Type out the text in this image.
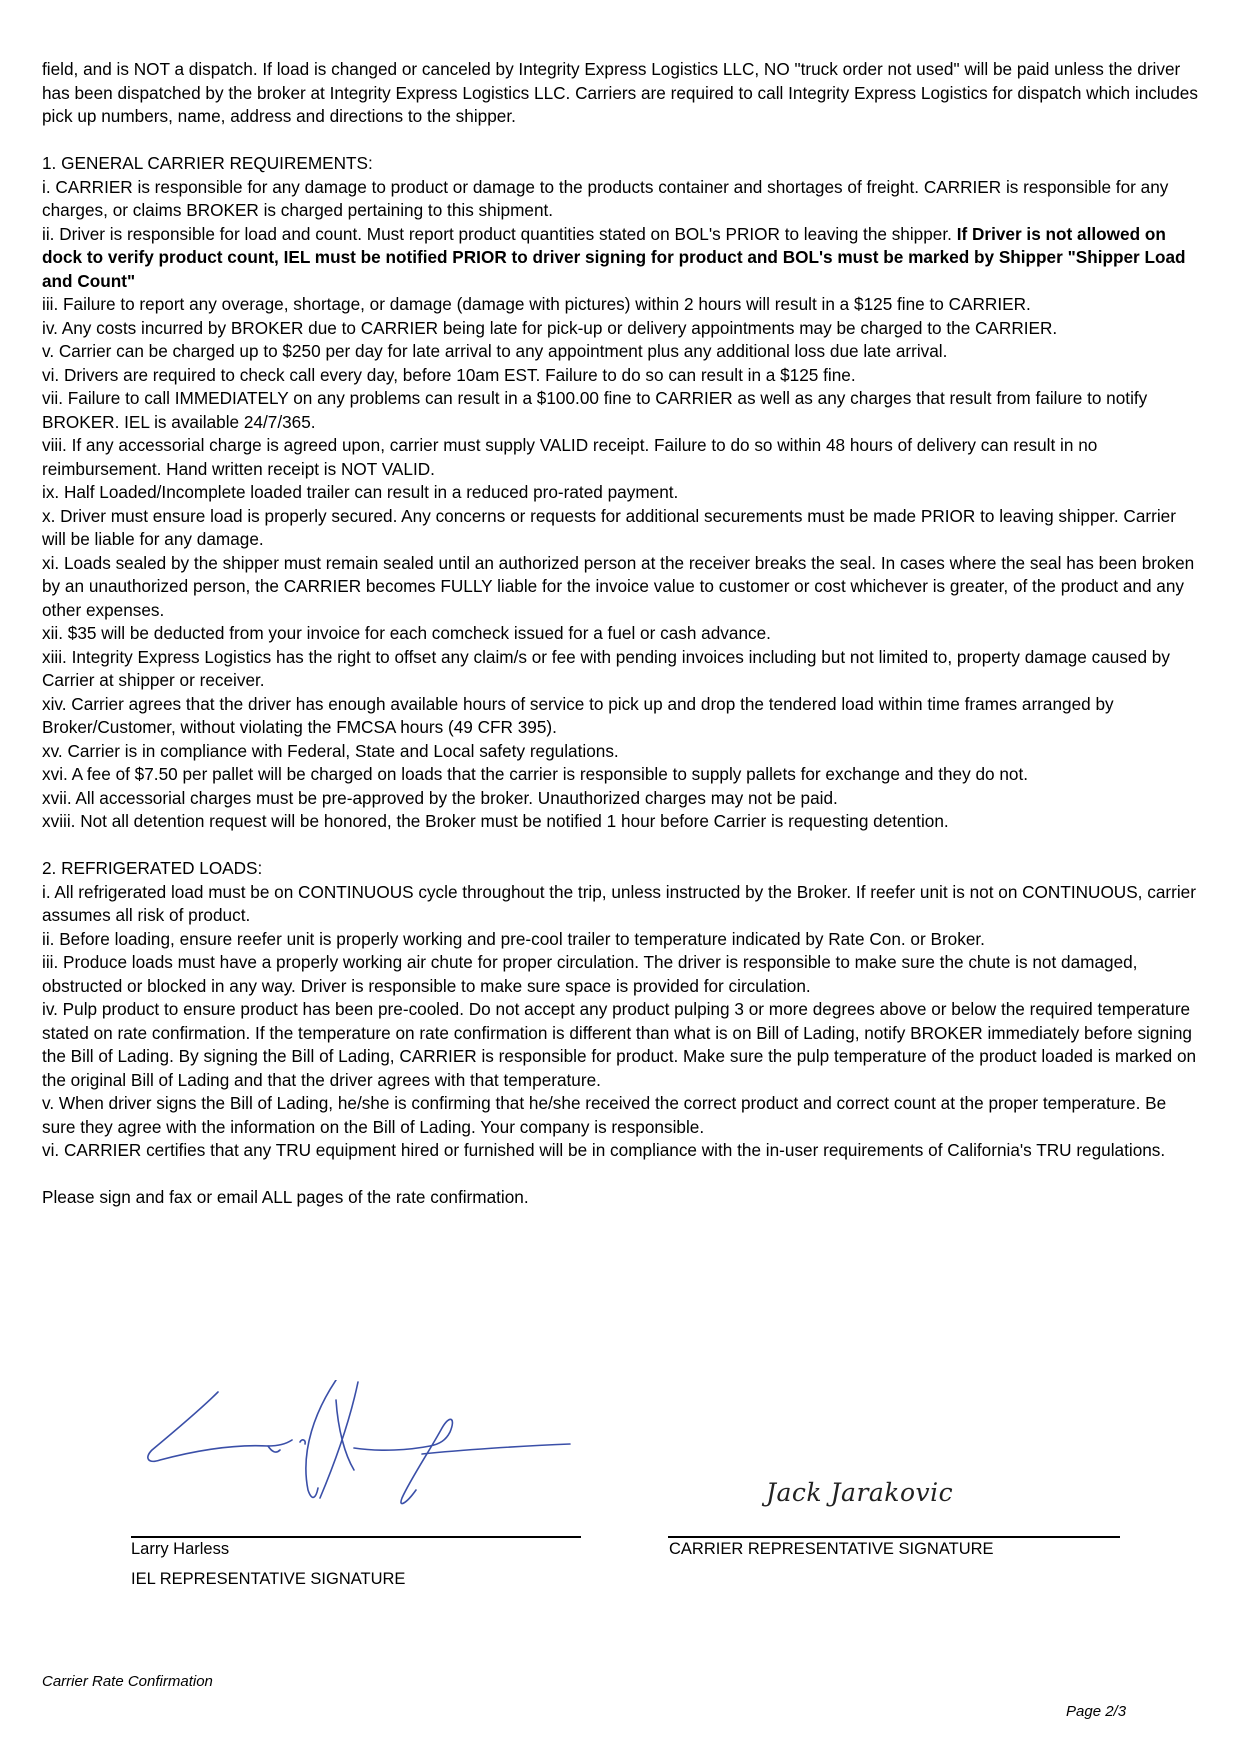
field, and is NOT a dispatch. If load is changed or canceled by Integrity Express Logistics LLC, NO "truck order not used" will be paid unless the driver has been dispatched by the broker at Integrity Express Logistics LLC. Carriers are required to call Integrity Express Logistics for dispatch which includes pick up numbers, name, address and directions to the shipper.

1. GENERAL CARRIER REQUIREMENTS:

i. CARRIER is responsible for any damage to product or damage to the products container and shortages of freight. CARRIER is responsible for any charges, or claims BROKER is charged pertaining to this shipment.

ii. Driver is responsible for load and count. Must report product quantities stated on BOL's PRIOR to leaving the shipper. If Driver is not allowed on dock to verify product count, IEL must be notified PRIOR to driver signing for product and BOL's must be marked by Shipper "Shipper Load and Count"

iii. Failure to report any overage, shortage, or damage (damage with pictures) within 2 hours will result in a $125 fine to CARRIER.

iv. Any costs incurred by BROKER due to CARRIER being late for pick-up or delivery appointments may be charged to the CARRIER.

v. Carrier can be charged up to $250 per day for late arrival to any appointment plus any additional loss due late arrival.

vi. Drivers are required to check call every day, before 10am EST. Failure to do so can result in a $125 fine.

vii. Failure to call IMMEDIATELY on any problems can result in a $100.00 fine to CARRIER as well as any charges that result from failure to notify BROKER. IEL is available 24/7/365.

viii. If any accessorial charge is agreed upon, carrier must supply VALID receipt. Failure to do so within 48 hours of delivery can result in no reimbursement. Hand written receipt is NOT VALID.

ix. Half Loaded/Incomplete loaded trailer can result in a reduced pro-rated payment.

x. Driver must ensure load is properly secured. Any concerns or requests for additional securements must be made PRIOR to leaving shipper. Carrier will be liable for any damage.

xi. Loads sealed by the shipper must remain sealed until an authorized person at the receiver breaks the seal. In cases where the seal has been broken by an unauthorized person, the CARRIER becomes FULLY liable for the invoice value to customer or cost whichever is greater, of the product and any other expenses.

xii. $35 will be deducted from your invoice for each comcheck issued for a fuel or cash advance.

xiii. Integrity Express Logistics has the right to offset any claim/s or fee with pending invoices including but not limited to, property damage caused by Carrier at shipper or receiver.

xiv. Carrier agrees that the driver has enough available hours of service to pick up and drop the tendered load within time frames arranged by Broker/Customer, without violating the FMCSA hours (49 CFR 395).

xv. Carrier is in compliance with Federal, State and Local safety regulations.

xvi. A fee of $7.50 per pallet will be charged on loads that the carrier is responsible to supply pallets for exchange and they do not.

xvii. All accessorial charges must be pre-approved by the broker. Unauthorized charges may not be paid.

xviii. Not all detention request will be honored, the Broker must be notified 1 hour before Carrier is requesting detention.

2. REFRIGERATED LOADS:

i. All refrigerated load must be on CONTINUOUS cycle throughout the trip, unless instructed by the Broker. If reefer unit is not on CONTINUOUS, carrier assumes all risk of product.

ii. Before loading, ensure reefer unit is properly working and pre-cool trailer to temperature indicated by Rate Con. or Broker.

iii. Produce loads must have a properly working air chute for proper circulation. The driver is responsible to make sure the chute is not damaged, obstructed or blocked in any way. Driver is responsible to make sure space is provided for circulation.

iv. Pulp product to ensure product has been pre-cooled. Do not accept any product pulping 3 or more degrees above or below the required temperature stated on rate confirmation. If the temperature on rate confirmation is different than what is on Bill of Lading, notify BROKER immediately before signing the Bill of Lading. By signing the Bill of Lading, CARRIER is responsible for product. Make sure the pulp temperature of the product loaded is marked on the original Bill of Lading and that the driver agrees with that temperature.

v. When driver signs the Bill of Lading, he/she is confirming that he/she received the correct product and correct count at the proper temperature. Be sure they agree with the information on the Bill of Lading. Your company is responsible.

vi. CARRIER certifies that any TRU equipment hired or furnished will be in compliance with the in-user requirements of California's TRU regulations.

Please sign and fax or email ALL pages of the rate confirmation.

Larry Harless
IEL REPRESENTATIVE SIGNATURE
Jack Jarakovic
CARRIER REPRESENTATIVE SIGNATURE
Carrier Rate Confirmation
Page 2/3
